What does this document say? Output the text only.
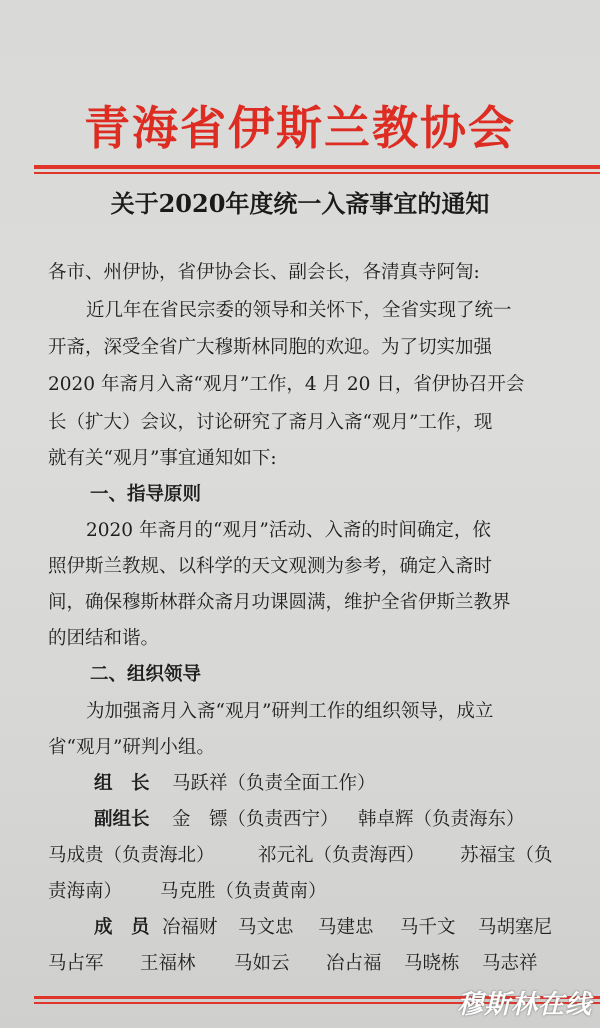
青海省伊斯兰教协会
关于2020年度统一入斋事宜的通知
各市、州伊协，省伊协会长、副会长，各清真寺阿訇:
近几年在省民宗委的领导和关怀下，全省实现了统一
开斋，深受全省广大穆斯林同胞的欢迎。为了切实加强
2020 年斋月入斋“观月”工作，4 月 20 日，省伊协召开会
长（扩大）会议，讨论研究了斋月入斋“观月”工作，现
就有关“观月”事宜通知如下:
一、指导原则
2020 年斋月的“观月”活动、入斋的时间确定，依
照伊斯兰教规、以科学的天文观测为参考，确定入斋时
间，确保穆斯林群众斋月功课圆满，维护全省伊斯兰教界
的团结和谐。
二、组织领导
为加强斋月入斋“观月”研判工作的组织领导，成立
省“观月”研判小组。
组　长 马跃祥（负责全面工作）
副组长 金　镖（负责西宁） 韩卓辉（负责海东）
马成贵（负责海北） 祁元礼（负责海西） 苏福宝（负
责海南） 马克胜（负责黄南）
成　员 冶福财 马文忠 马建忠 马千文 马胡塞尼
马占军 王福林 马如云 冶占福 马晓栋 马志祥
穆斯林在线
